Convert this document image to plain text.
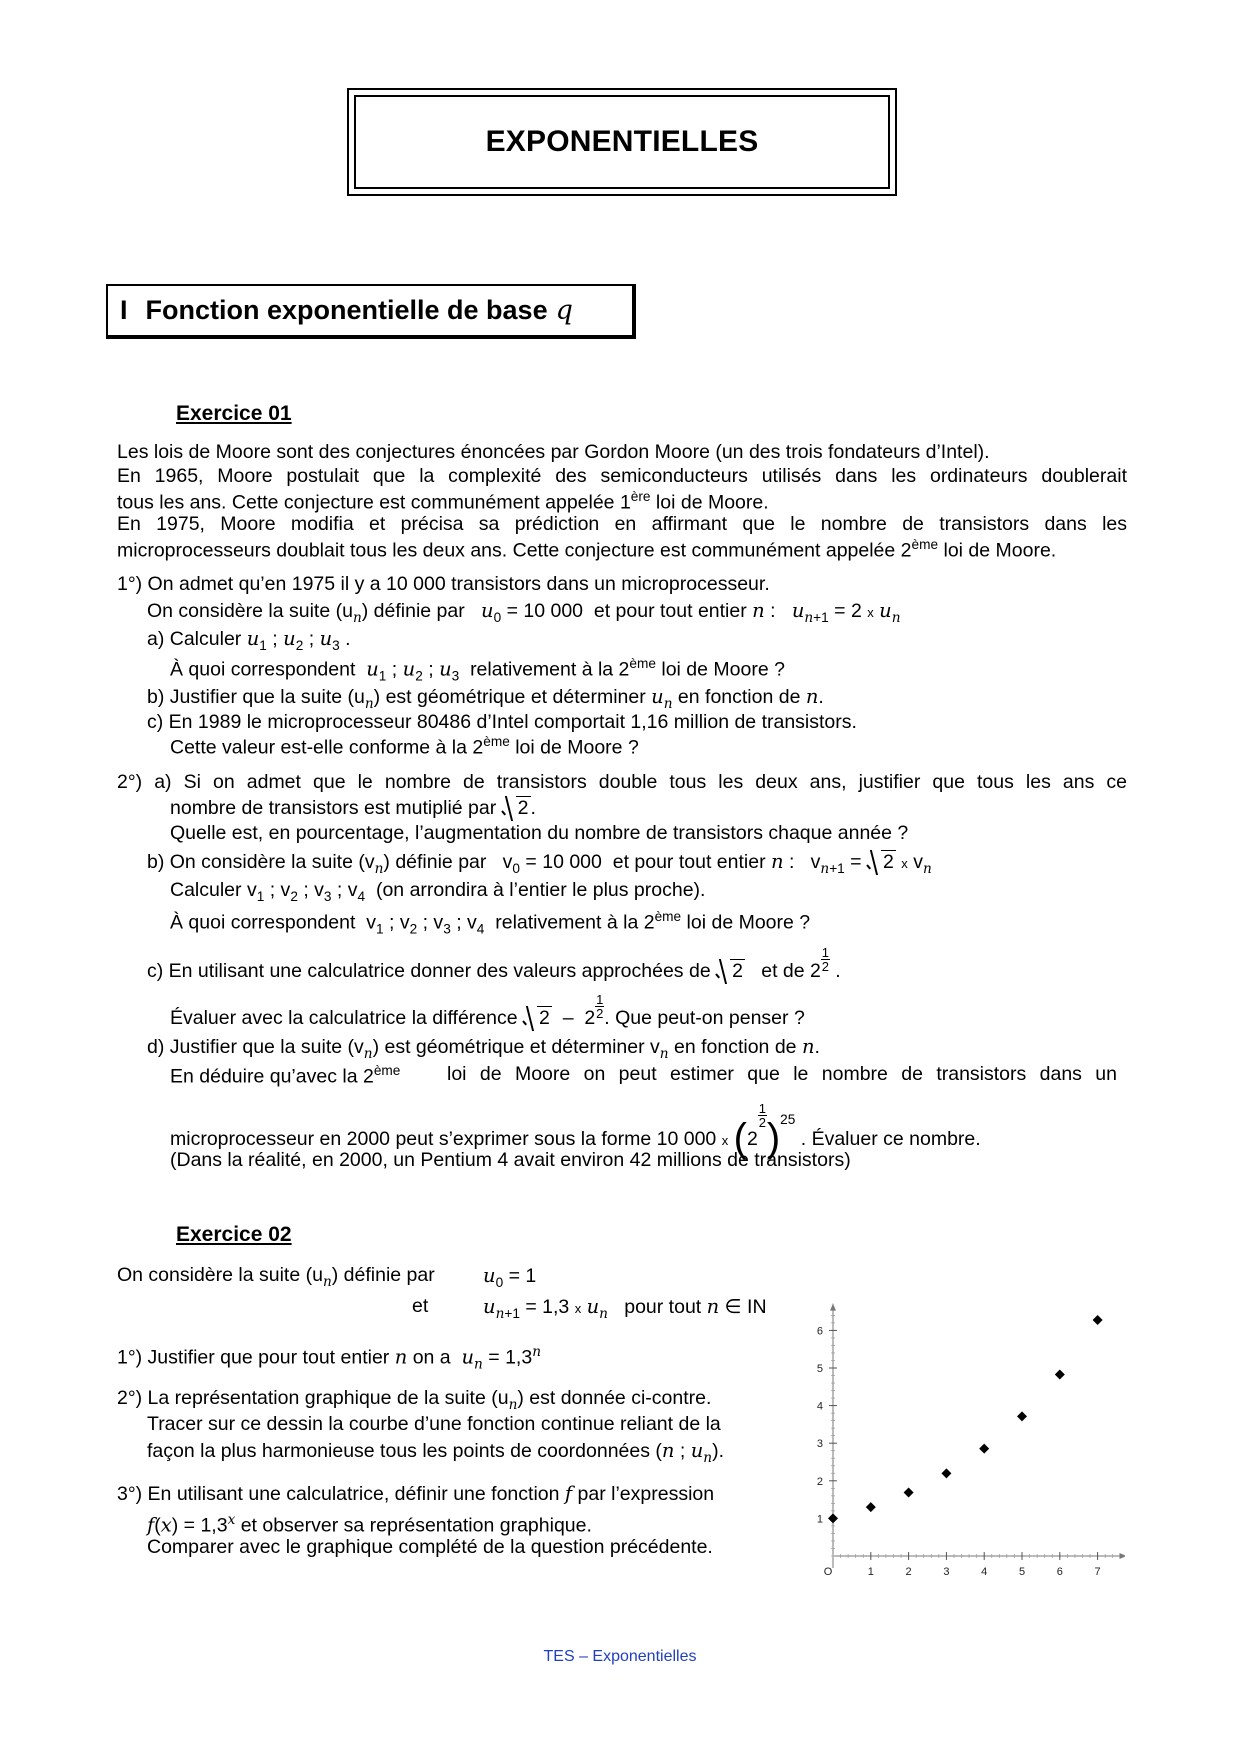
EXPONENTIELLES
I Fonction exponentielle de base q
Exercice 01
Les lois de Moore sont des conjectures énoncées par Gordon Moore (un des trois fondateurs d’Intel).
En 1965, Moore postulait que la complexité des semiconducteurs utilisés dans les ordinateurs doublerait
tous les ans. Cette conjecture est communément appelée 1ère loi de Moore.
En 1975, Moore modifia et précisa sa prédiction en affirmant que le nombre de transistors dans les
microprocesseurs doublait tous les deux ans. Cette conjecture est communément appelée 2ème loi de Moore.
1°) On admet qu’en 1975 il y a 10 000 transistors dans un microprocesseur.
On considère la suite $(u_n)$ définie par $u_0 = 10$ 000 et pour tout entier n :   $u_{n+1} = 2$ x $u_n$
a) Calculer $u_1$ ; $u_2$ ; $u_3$ .
À quoi correspondent $u_1$ ; $u_2$ ; $u_3$ relativement à la 2ème loi de Moore ?
b) Justifier que la suite $(u_n)$ est géométrique et déterminer $u_n$ en fonction de n.
c) En 1989 le microprocesseur 80486 d’Intel comportait 1,16 million de transistors.
Cette valeur est-elle conforme à la 2ème loi de Moore ?
2°) a) Si on admet que le nombre de transistors double tous les deux ans, justifier que tous les ans ce
nombre de transistors est mutiplié par 2 .
Quelle est, en pourcentage, l’augmentation du nombre de transistors chaque année ?
b) On considère la suite $(v_n)$ définie par   $v_0 = 10$ 000 et pour tout entier n :   $v_{n+1} = 2$ x $v_n$
Calculer $v_1$ ; $v_2$ ; $v_3$ ; $v_4$ (on arrondira à l’entier le plus proche).
À quoi correspondent  $v_1$ ; $v_2$ ; $v_3$ ; $v_4$ relativement à la 2ème loi de Moore ?
c) En utilisant une calculatrice donner des valeurs approchées de 2 et de $2 \frac{1}{2}$ .
Évaluer avec la calculatrice la différence $2 - 2 \frac{1}{2}$ . Que peut-on penser ?
d) Justifier que la suite $(v_n)$ est géométrique et déterminer $v_n$ en fonction de n.
En déduire qu’avec la 2ème loi de Moore on peut estimer que le nombre de transistors dans un
microprocesseur en 2000 peut s’exprimer sous la forme 10 000 x (2
$\frac{1}{2}$
)$^{25}$ . Évaluer ce nombre.
(Dans la réalité, en 2000, un Pentium 4 avait environ 42 millions de transistors)
Exercice 02
On considère la suite $(u_n)$ définie par $u_0 = 1$
et	$u_{n+1} = 1,3$ x $u_n$ pour tout n ∈ IN
1°) Justifier que pour tout entier n on a $u_n = 1,3^n$
2°) La représentation graphique de la suite $(u_n)$ est donnée ci-contre.
Tracer sur ce dessin la courbe d’une fonction continue reliant de la
façon la plus harmonieuse tous les points de coordonnées (n ; $u_n$).
3°) En utilisant une calculatrice, définir une fonction f par l’expression
$f(x) = 1,3^x$ et observer sa représentation graphique.
Comparer avec le graphique complété de la question précédente.
O	1	2	3	4	5	6	7
1
2
3
4
5
6
TES – Exponentielles
